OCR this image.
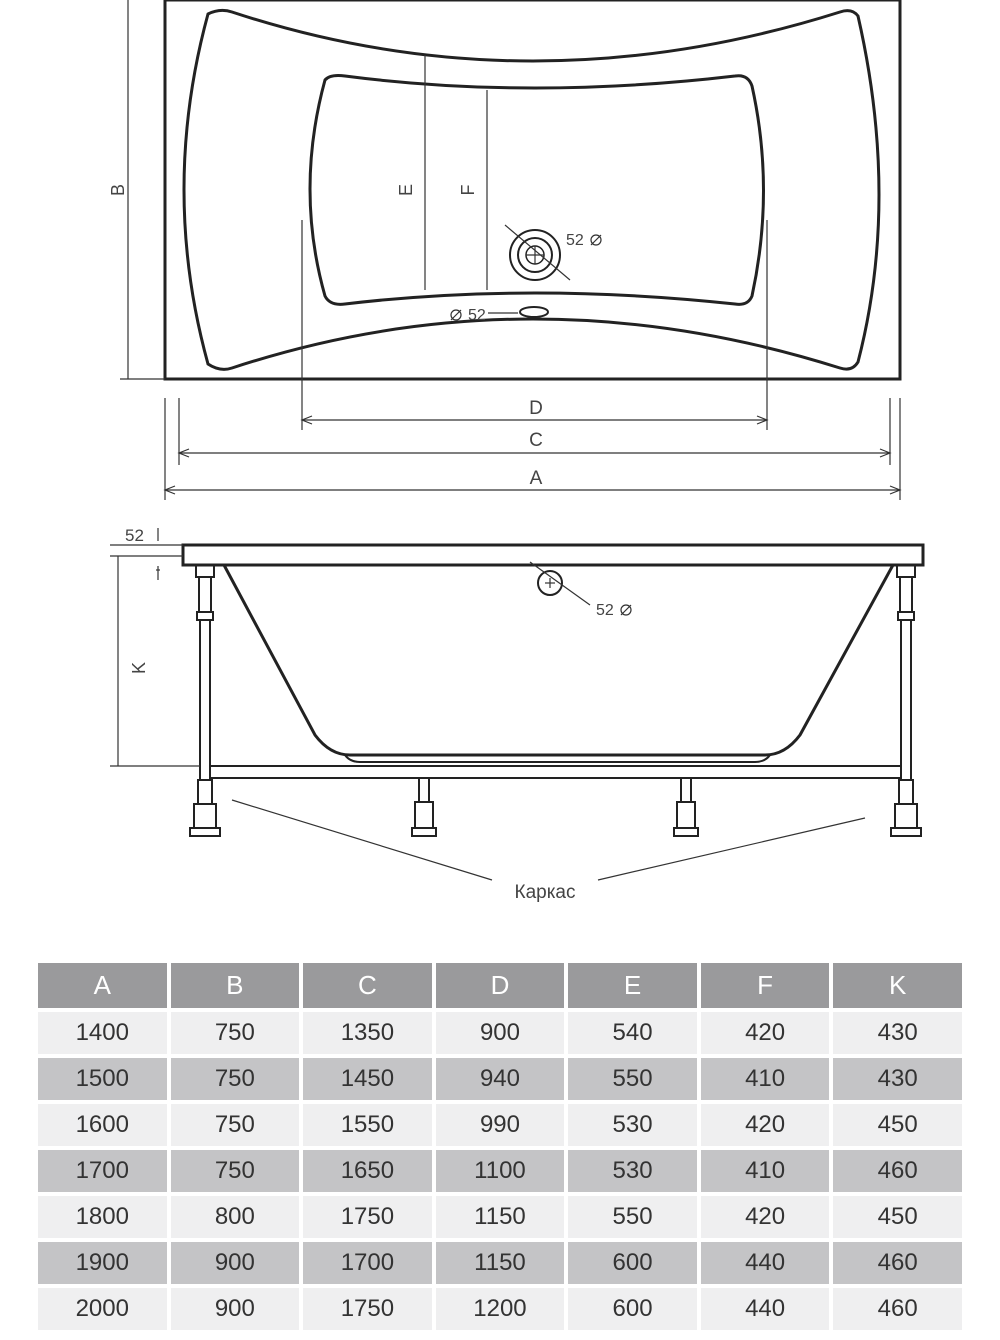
E F
52
52
B
D
C
A
52
52
K
Каркас
A	B	C	D	E	F	K
1400	750	1350	900	540	420	430
1500	750	1450	940	550	410	430
1600	750	1550	990	530	420	450
1700	750	1650	1100	530	410	460
1800	800	1750	1150	550	420	450
1900	900	1700	1150	600	440	460
2000	900	1750	1200	600	440	460
